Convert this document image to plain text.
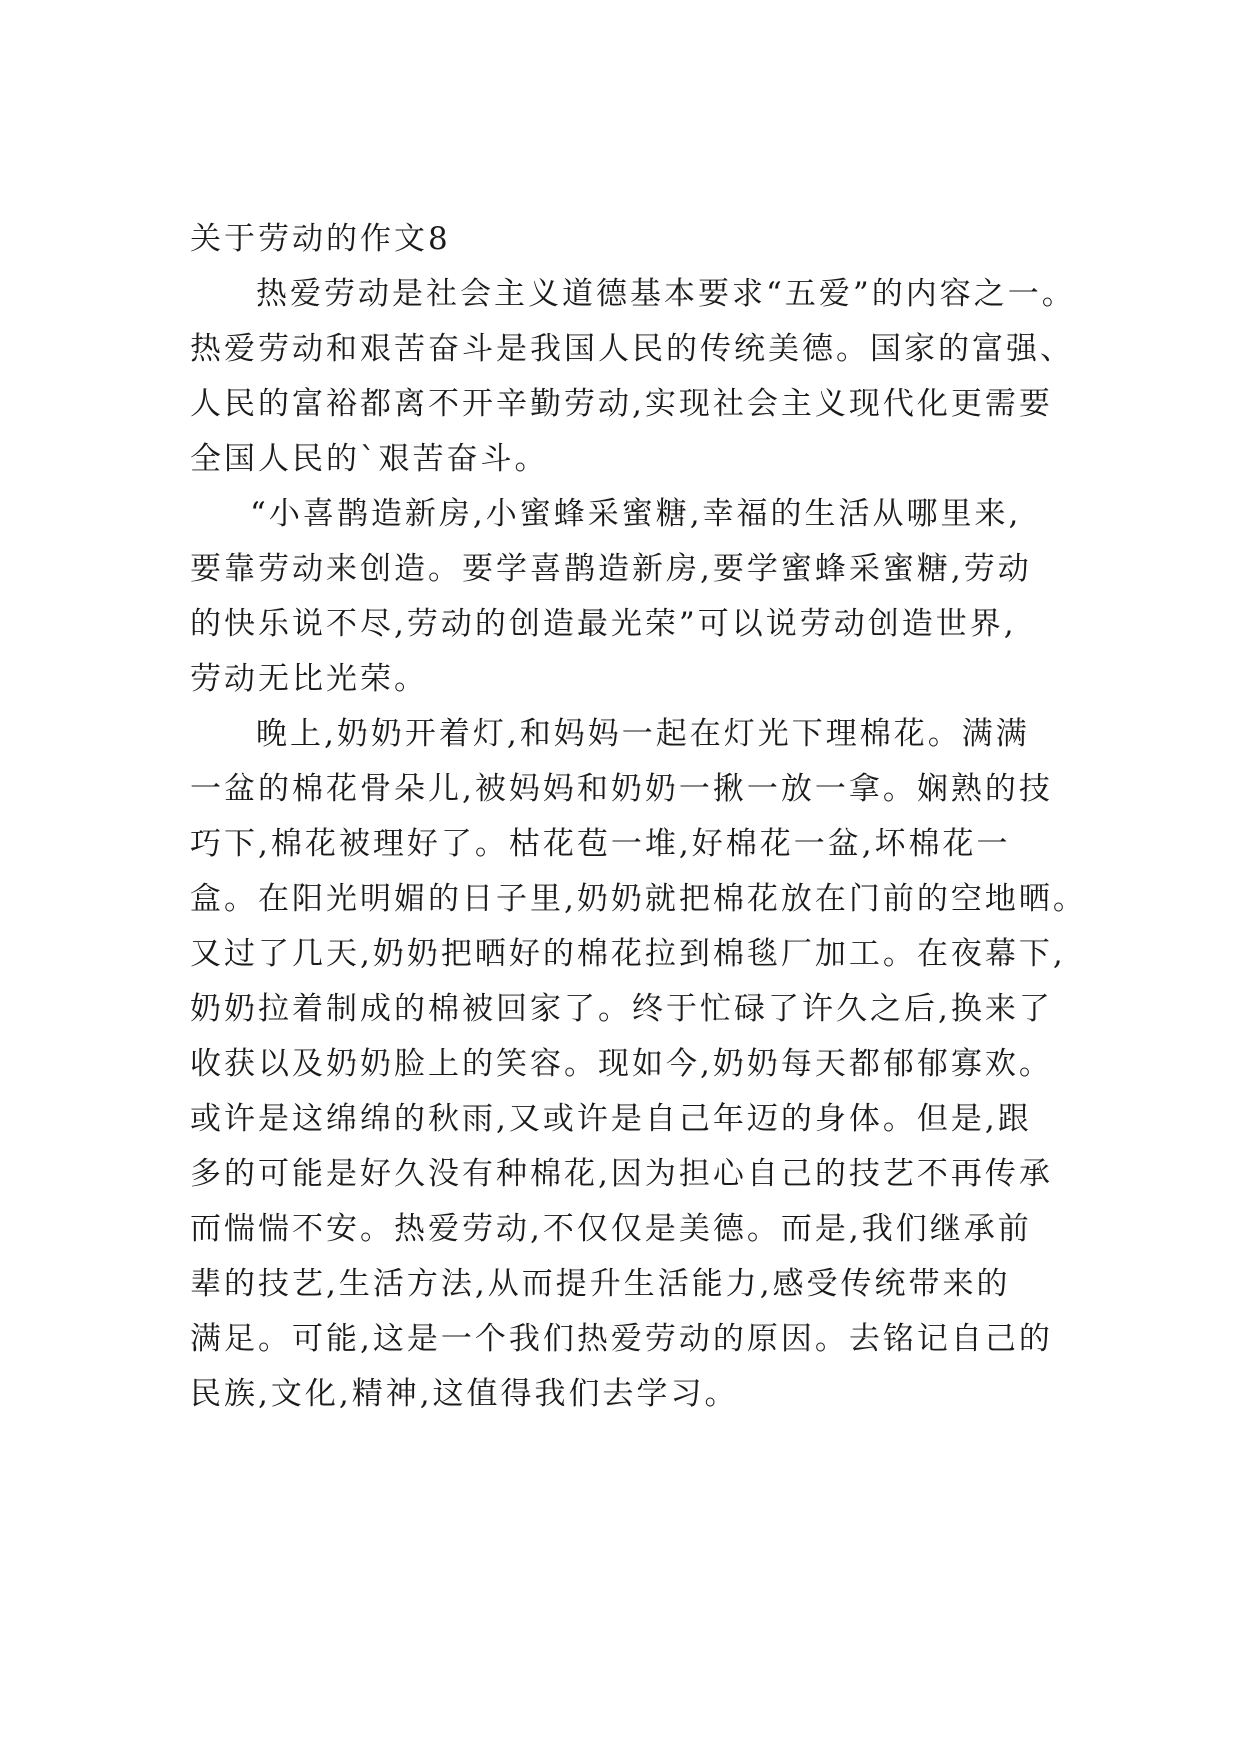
关于劳动的作文8
热爱劳动是社会主义道德基本要求“五爱”的内容之一。
热爱劳动和艰苦奋斗是我国人民的传统美德。国家的富强、
人民的富裕都离不开辛勤劳动,实现社会主义现代化更需要
全国人民的`艰苦奋斗。
“小喜鹊造新房,小蜜蜂采蜜糖,幸福的生活从哪里来,
要靠劳动来创造。要学喜鹊造新房,要学蜜蜂采蜜糖,劳动
的快乐说不尽,劳动的创造最光荣”可以说劳动创造世界,
劳动无比光荣。
晚上,奶奶开着灯,和妈妈一起在灯光下理棉花。满满
一盆的棉花骨朵儿,被妈妈和奶奶一揪一放一拿。娴熟的技
巧下,棉花被理好了。枯花苞一堆,好棉花一盆,坏棉花一
盒。在阳光明媚的日子里,奶奶就把棉花放在门前的空地晒。
又过了几天,奶奶把晒好的棉花拉到棉毯厂加工。在夜幕下,
奶奶拉着制成的棉被回家了。终于忙碌了许久之后,换来了
收获以及奶奶脸上的笑容。现如今,奶奶每天都郁郁寡欢。
或许是这绵绵的秋雨,又或许是自己年迈的身体。但是,跟
多的可能是好久没有种棉花,因为担心自己的技艺不再传承
而惴惴不安。热爱劳动,不仅仅是美德。而是,我们继承前
辈的技艺,生活方法,从而提升生活能力,感受传统带来的
满足。可能,这是一个我们热爱劳动的原因。去铭记自己的
民族,文化,精神,这值得我们去学习。
